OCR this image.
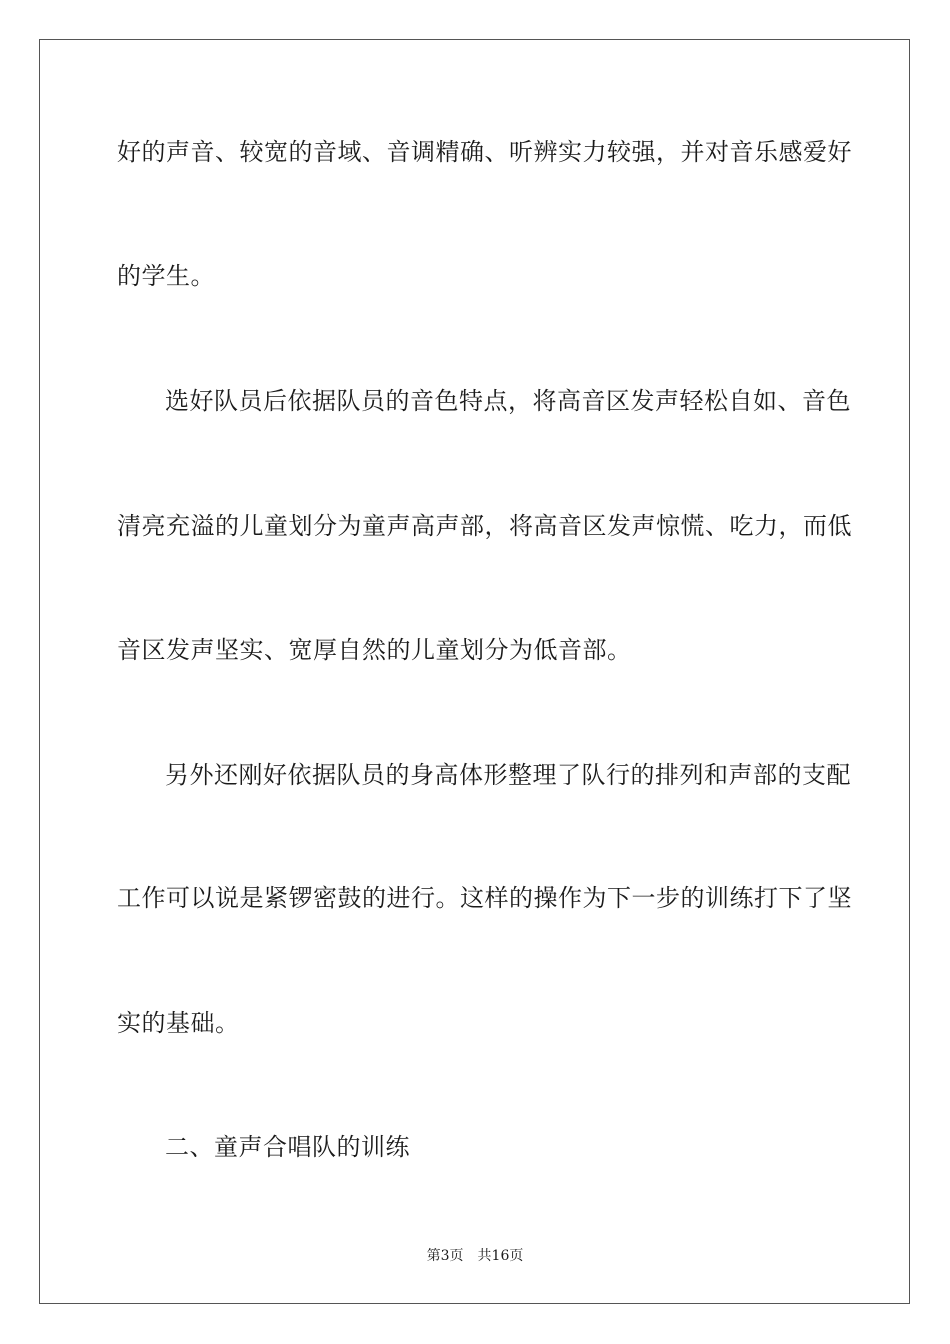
好的声音、较宽的音域、音调精确、听辨实力较强，并对音乐感爱好
的学生。
选好队员后依据队员的音色特点，将高音区发声轻松自如、音色
清亮充溢的儿童划分为童声高声部，将高音区发声惊慌、吃力，而低
音区发声坚实、宽厚自然的儿童划分为低音部。
另外还刚好依据队员的身高体形整理了队行的排列和声部的支配
工作可以说是紧锣密鼓的进行。这样的操作为下一步的训练打下了坚
实的基础。
二、童声合唱队的训练
第3页 共16页
